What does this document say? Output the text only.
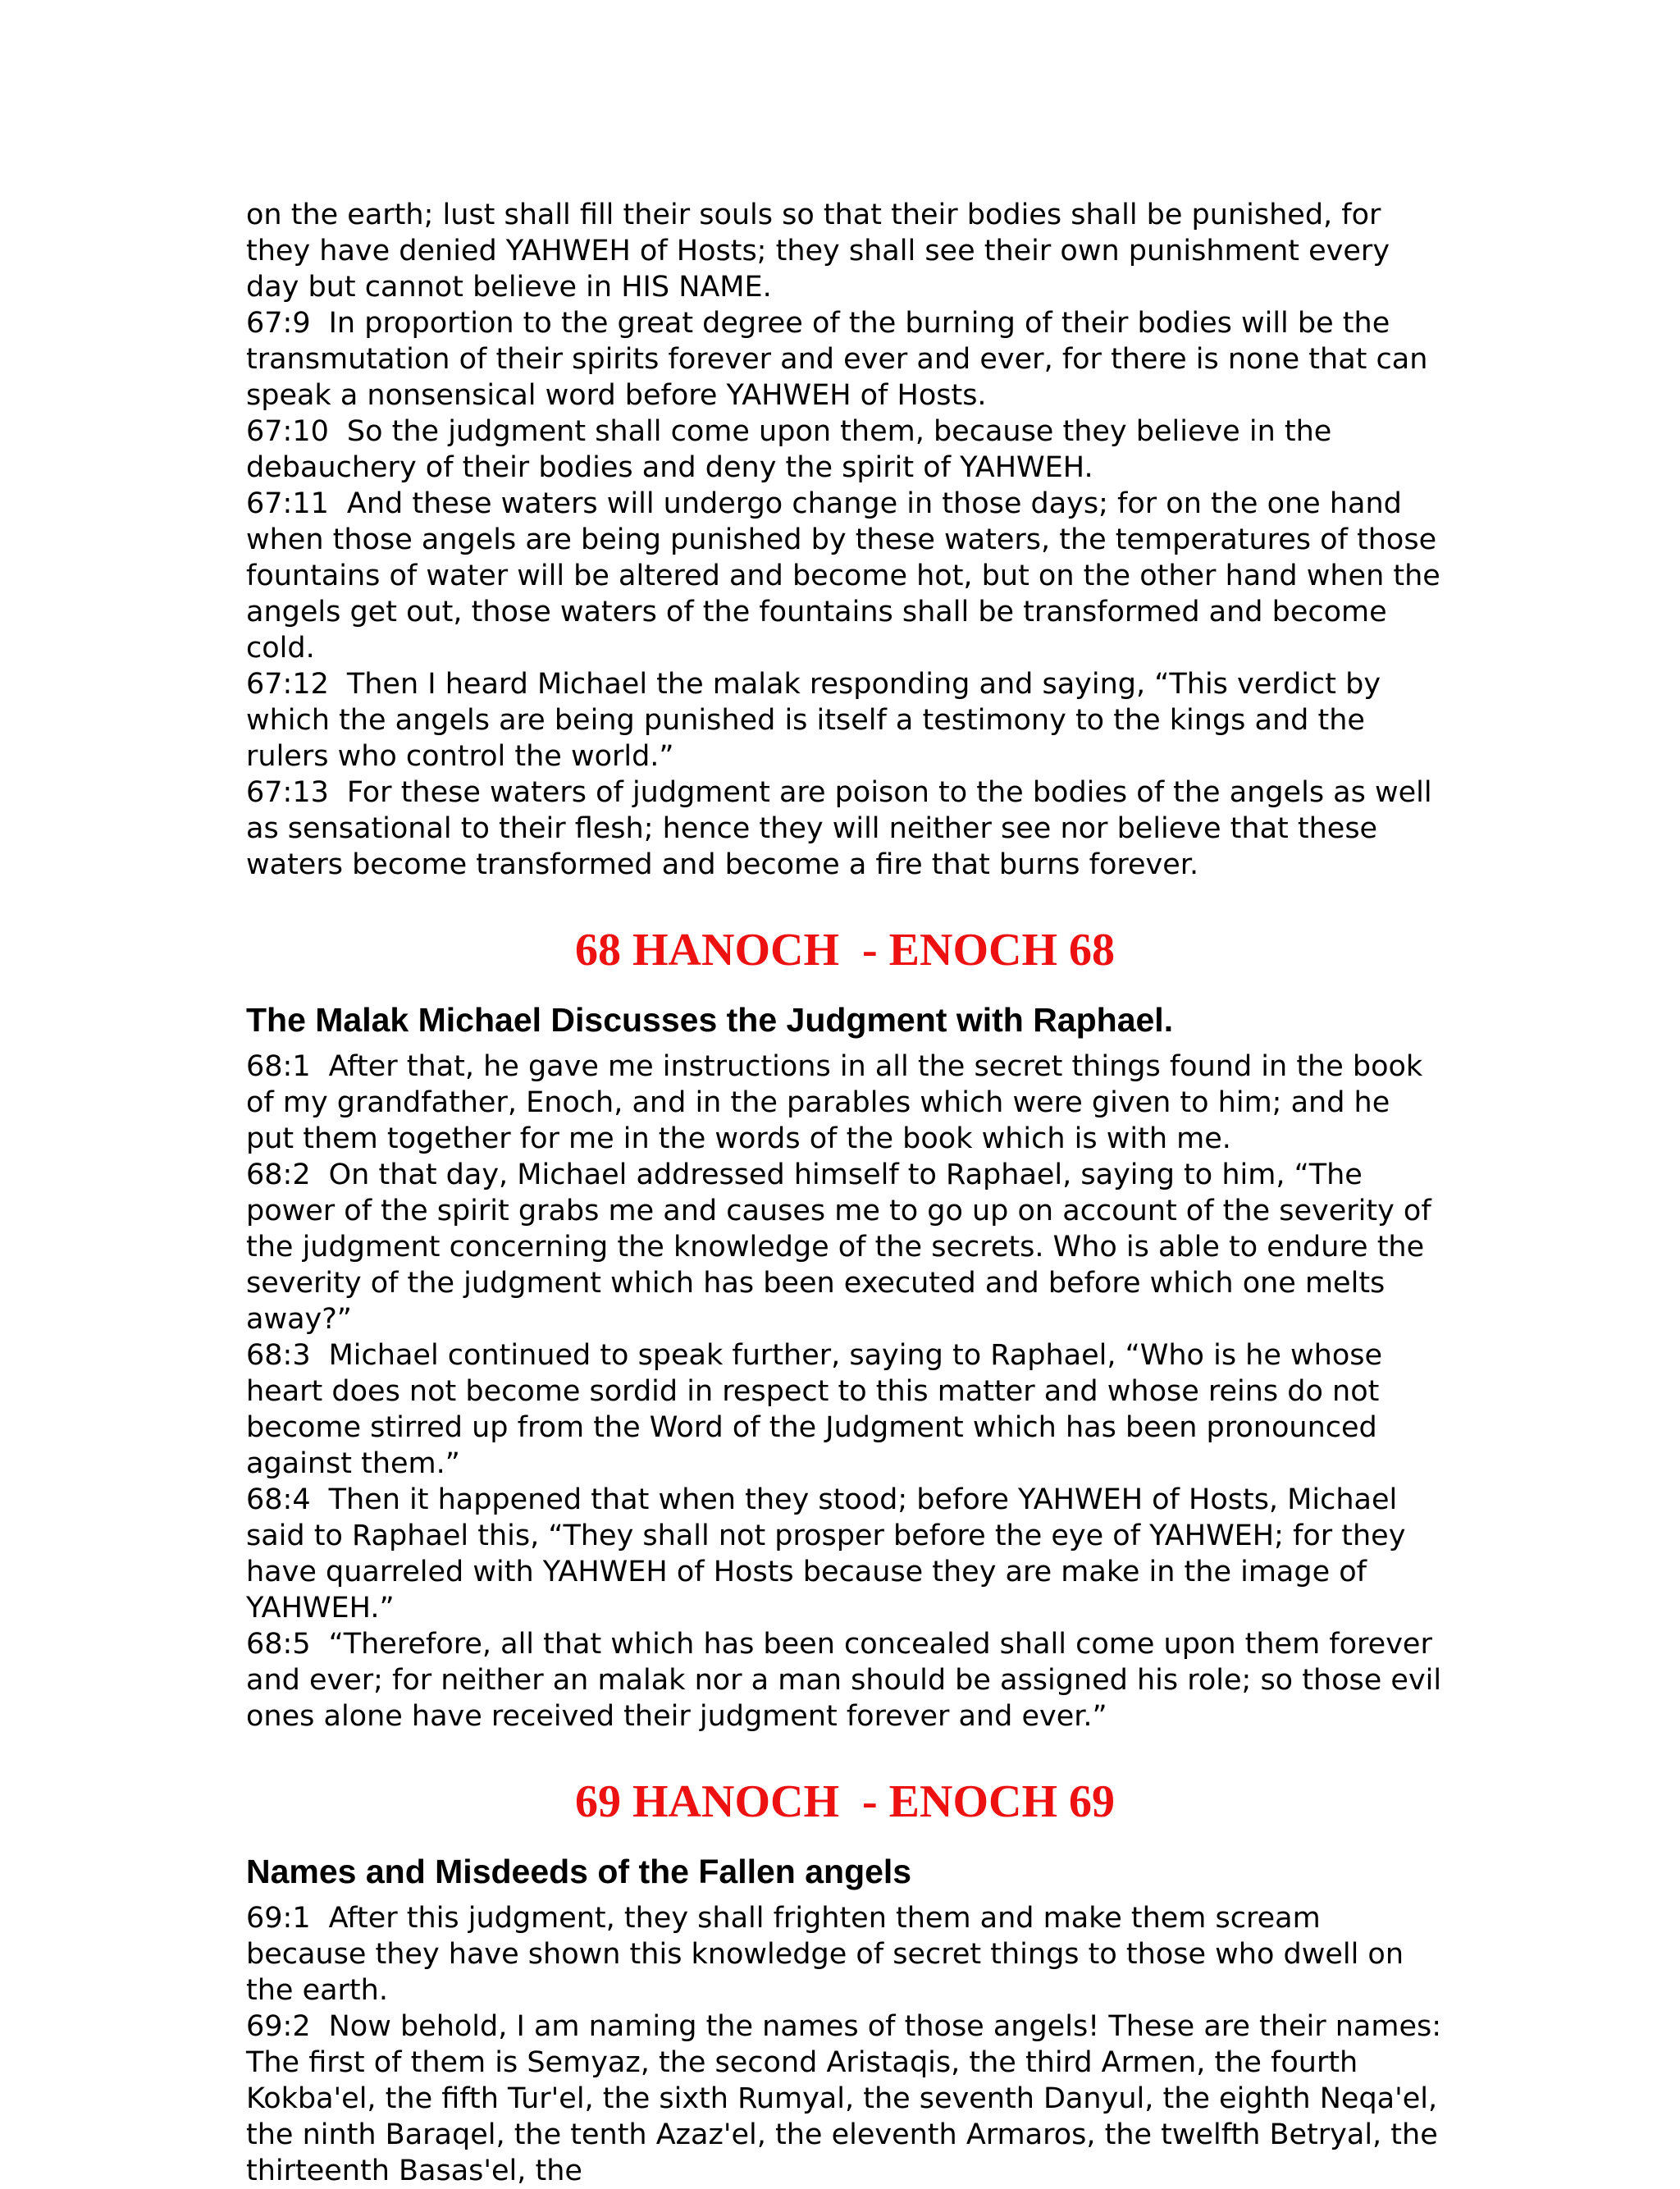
on the earth; lust shall fill their souls so that their bodies shall be punished, for they have denied YAHWEH of Hosts; they shall see their own punishment every day but cannot believe in HIS NAME.

67:9 In proportion to the great degree of the burning of their bodies will be the transmutation of their spirits forever and ever and ever, for there is none that can speak a nonsensical word before YAHWEH of Hosts.

67:10 So the judgment shall come upon them, because they believe in the debauchery of their bodies and deny the spirit of YAHWEH.

67:11 And these waters will undergo change in those days; for on the one hand when those angels are being punished by these waters, the temperatures of those fountains of water will be altered and become hot, but on the other hand when the angels get out, those waters of the fountains shall be transformed and become cold.

67:12 Then I heard Michael the malak responding and saying, “This verdict by which the angels are being punished is itself a testimony to the kings and the rulers who control the world.”

67:13 For these waters of judgment are poison to the bodies of the angels as well as sensational to their flesh; hence they will neither see nor believe that these waters become transformed and become a fire that burns forever.

68 HANOCH  - ENOCH 68
The Malak Michael Discusses the Judgment with Raphael.

68:1 After that, he gave me instructions in all the secret things found in the book of my grandfather, Enoch, and in the parables which were given to him; and he put them together for me in the words of the book which is with me.

68:2 On that day, Michael addressed himself to Raphael, saying to him, “The power of the spirit grabs me and causes me to go up on account of the severity of the judgment concerning the knowledge of the secrets. Who is able to endure the severity of the judgment which has been executed and before which one melts away?”

68:3 Michael continued to speak further, saying to Raphael, “Who is he whose heart does not become sordid in respect to this matter and whose reins do not become stirred up from the Word of the Judgment which has been pronounced against them.”

68:4 Then it happened that when they stood; before YAHWEH of Hosts, Michael said to Raphael this, “They shall not prosper before the eye of YAHWEH; for they have quarreled with YAHWEH of Hosts because they are make in the image of YAHWEH.”

68:5 “Therefore, all that which has been concealed shall come upon them forever and ever; for neither an malak nor a man should be assigned his role; so those evil ones alone have received their judgment forever and ever.”

69 HANOCH  - ENOCH 69
Names and Misdeeds of the Fallen angels

69:1 After this judgment, they shall frighten them and make them scream because they have shown this knowledge of secret things to those who dwell on the earth.

69:2 Now behold, I am naming the names of those angels! These are their names: The first of them is Semyaz, the second Aristaqis, the third Armen, the fourth Kokba'el, the fifth Tur'el, the sixth Rumyal, the seventh Danyul, the eighth Neqa'el, the ninth Baraqel, the tenth Azaz'el, the eleventh Armaros, the twelfth Betryal, the thirteenth Basas'el, the
